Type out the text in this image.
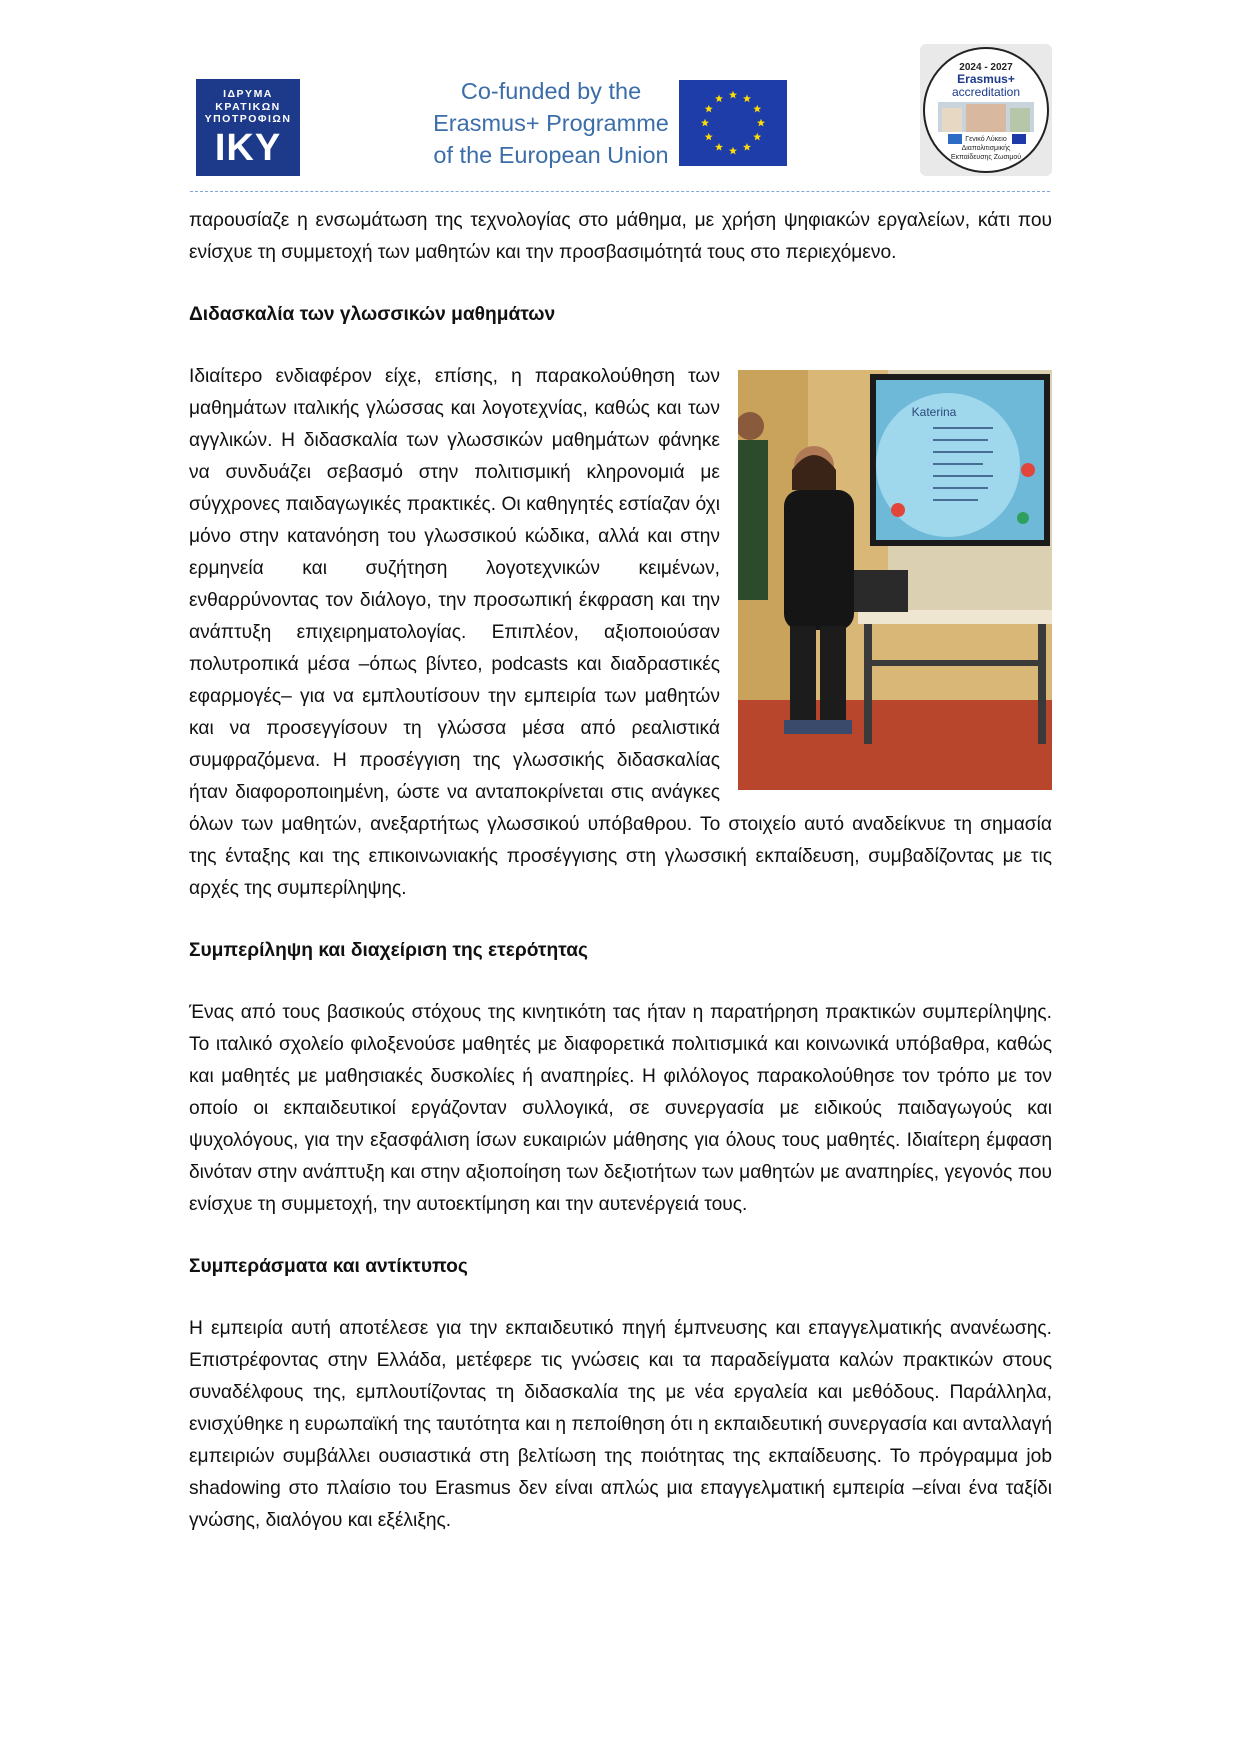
ΙΔΡΥΜΑ
ΚΡΑΤΙΚΩΝ
ΥΠΟΤΡΟΦΙΩΝ
ΙΚΥ
Co-funded by the
Erasmus+ Programme
of the European Union
2024 - 2027
Erasmus+
accreditation
Γενικό Λύκειο
Διαπολιτισμικής
Εκπαίδευσης Ζωσιμού

παρουσίαζε η ενσωμάτωση της τεχνολογίας στο μάθημα, με χρήση ψηφιακών εργαλείων, κάτι που ενίσχυε τη συμμετοχή των μαθητών και την προσβασιμότητά τους στο περιεχόμενο.

Διδασκαλία των γλωσσικών μαθημάτων
Katerina

Ιδιαίτερο ενδιαφέρον είχε, επίσης, η παρακολούθηση των μαθημάτων ιταλικής γλώσσας και λογοτεχνίας, καθώς και των αγγλικών. Η διδασκαλία των γλωσσικών μαθημάτων φάνηκε να συνδυάζει σεβασμό στην πολιτισμική κληρονομιά με σύγχρονες παιδαγωγικές πρακτικές. Οι καθηγητές εστίαζαν όχι μόνο στην κατανόηση του γλωσσικού κώδικα, αλλά και στην ερμηνεία και συζήτηση λογοτεχνικών κειμένων, ενθαρρύνοντας τον διάλογο, την προσωπική έκφραση και την ανάπτυξη επιχειρηματολογίας. Επιπλέον, αξιοποιούσαν πολυτροπικά μέσα –όπως βίντεο, podcasts και διαδραστικές εφαρμογές– για να εμπλουτίσουν την εμπειρία των μαθητών και να προσεγγίσουν τη γλώσσα μέσα από ρεαλιστικά συμφραζόμενα. Η προσέγγιση της γλωσσικής διδασκαλίας ήταν διαφοροποιημένη, ώστε να ανταποκρίνεται στις ανάγκες όλων των μαθητών, ανεξαρτήτως γλωσσικού υπόβαθρου. Το στοιχείο αυτό αναδείκνυε τη σημασία της ένταξης και της επικοινωνιακής προσέγγισης στη γλωσσική εκπαίδευση, συμβαδίζοντας με τις αρχές της συμπερίληψης.

Συμπερίληψη και διαχείριση της ετερότητας

Ένας από τους βασικούς στόχους της κινητικότη τας ήταν η παρατήρηση πρακτικών συμπερίληψης. Το ιταλικό σχολείο φιλοξενούσε μαθητές με διαφορετικά πολιτισμικά και κοινωνικά υπόβαθρα, καθώς και μαθητές με μαθησιακές δυσκολίες ή αναπηρίες. Η φιλόλογος παρακολούθησε τον τρόπο με τον οποίο οι εκπαιδευτικοί εργάζονταν συλλογικά, σε συνεργασία με ειδικούς παιδαγωγούς και ψυχολόγους, για την εξασφάλιση ίσων ευκαιριών μάθησης για όλους τους μαθητές. Ιδιαίτερη έμφαση δινόταν στην ανάπτυξη και στην αξιοποίηση των δεξιοτήτων των μαθητών με αναπηρίες, γεγονός που ενίσχυε τη συμμετοχή, την αυτοεκτίμηση και την αυτενέργειά τους.

Συμπεράσματα και αντίκτυπος

Η εμπειρία αυτή αποτέλεσε για την εκπαιδευτικό πηγή έμπνευσης και επαγγελματικής ανανέωσης. Επιστρέφοντας στην Ελλάδα, μετέφερε τις γνώσεις και τα παραδείγματα καλών πρακτικών στους συναδέλφους της, εμπλουτίζοντας τη διδασκαλία της με νέα εργαλεία και μεθόδους. Παράλληλα, ενισχύθηκε η ευρωπαϊκή της ταυτότητα και η πεποίθηση ότι η εκπαιδευτική συνεργασία και ανταλλαγή εμπειριών συμβάλλει ουσιαστικά στη βελτίωση της ποιότητας της εκπαίδευσης. Το πρόγραμμα job shadowing στο πλαίσιο του Erasmus δεν είναι απλώς μια επαγγελματική εμπειρία –είναι ένα ταξίδι γνώσης, διαλόγου και εξέλιξης.
